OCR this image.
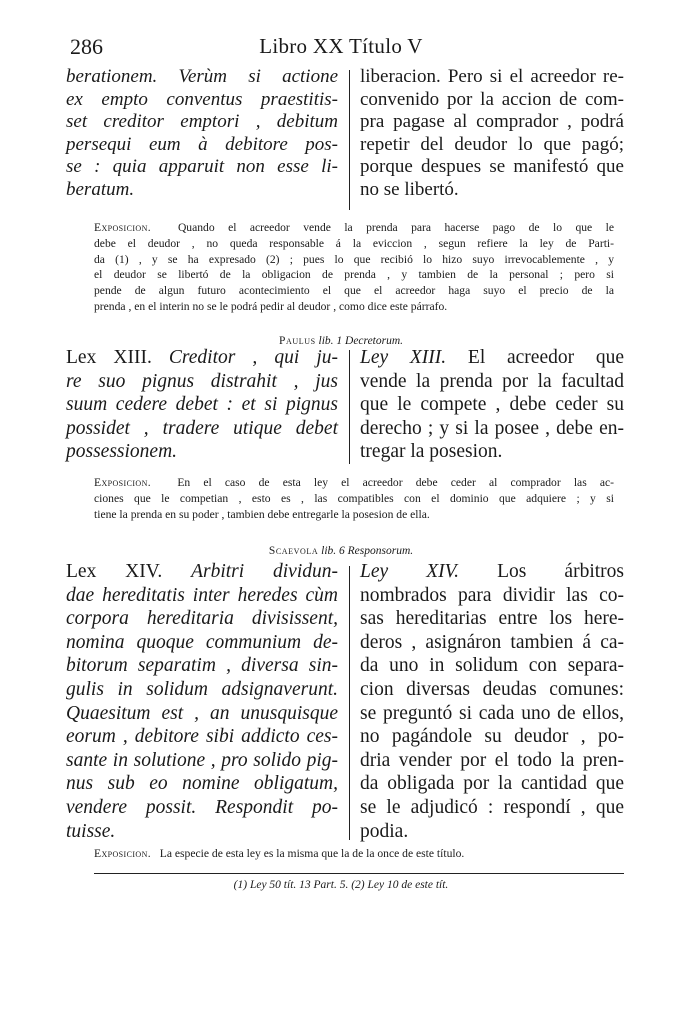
286	Libro XX Título V
berationem. Verùm si actione
ex empto conventus praestitis-
set creditor emptori , debitum
persequi eum à debitore pos-
se : quia apparuit non esse li-
beratum.
liberacion. Pero si el acreedor re-
convenido por la accion de com-
pra pagase al comprador , podrá
repetir del deudor lo que pagó;
porque despues se manifestó que
no se libertó.
Exposicion. Quando el acreedor vende la prenda para hacerse pago de lo que le
debe el deudor , no queda responsable á la eviccion , segun refiere la ley de Parti-
da (1) , y se ha expresado (2) ; pues lo que recibió lo hizo suyo irrevocablemente , y
el deudor se libertó de la obligacion de prenda , y tambien de la personal ; pero si
pende de algun futuro acontecimiento el que el acreedor haga suyo el precio de la
prenda , en el interin no se le podrá pedir al deudor , como dice este párrafo.
Paulus lib. 1 Decretorum.
Lex XIII. Creditor , qui ju-
re suo pignus distrahit , jus
suum cedere debet : et si pignus
possidet , tradere utique debet
possessionem.
Ley XIII. El acreedor que
vende la prenda por la facultad
que le compete , debe ceder su
derecho ; y si la posee , debe en-
tregar la posesion.
Exposicion. En el caso de esta ley el acreedor debe ceder al comprador las ac-
ciones que le competian , esto es , las compatibles con el dominio que adquiere ; y si
tiene la prenda en su poder , tambien debe entregarle la posesion de ella.
Scaevola lib. 6 Responsorum.
Lex XIV. Arbitri dividun-
dae hereditatis inter heredes cùm
corpora hereditaria divisissent,
nomina quoque communium de-
bitorum separatim , diversa sin-
gulis in solidum adsignaverunt.
Quaesitum est , an unusquisque
eorum , debitore sibi addicto ces-
sante in solutione , pro solido pig-
nus sub eo nomine obligatum,
vendere possit. Respondit po-
tuisse.
Ley XIV. Los árbitros
nombrados para dividir las co-
sas hereditarias entre los here-
deros , asignáron tambien á ca-
da uno in solidum con separa-
cion diversas deudas comunes:
se preguntó si cada uno de ellos,
no pagándole su deudor , po-
dria vender por el todo la pren-
da obligada por la cantidad que
se le adjudicó : respondí , que
podia.
Exposicion. La especie de esta ley es la misma que la de la once de este título.
(1) Ley 50 tít. 13 Part. 5. (2) Ley 10 de este tít.
